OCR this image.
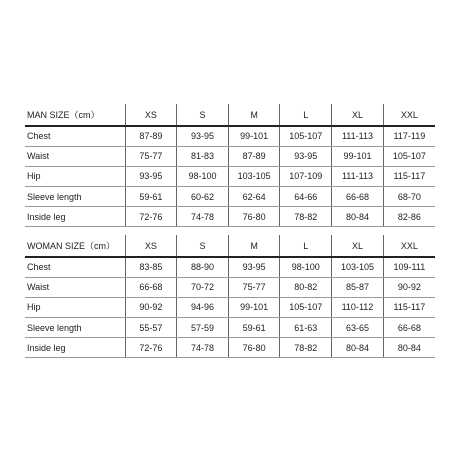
MAN SIZE（cm）	XS	S	M	L	XL	XXL
Chest	87-89	93-95	99-101	105-107	111-113	117-119
Waist	75-77	81-83	87-89	93-95	99-101	105-107
Hip	93-95	98-100	103-105	107-109	111-113	115-117
Sleeve length	59-61	60-62	62-64	64-66	66-68	68-70
Inside leg	72-76	74-78	76-80	78-82	80-84	82-86
WOMAN SIZE（cm）	XS	S	M	L	XL	XXL
Chest	83-85	88-90	93-95	98-100	103-105	109-111
Waist	66-68	70-72	75-77	80-82	85-87	90-92
Hip	90-92	94-96	99-101	105-107	110-112	115-117
Sleeve length	55-57	57-59	59-61	61-63	63-65	66-68
Inside leg	72-76	74-78	76-80	78-82	80-84	80-84
